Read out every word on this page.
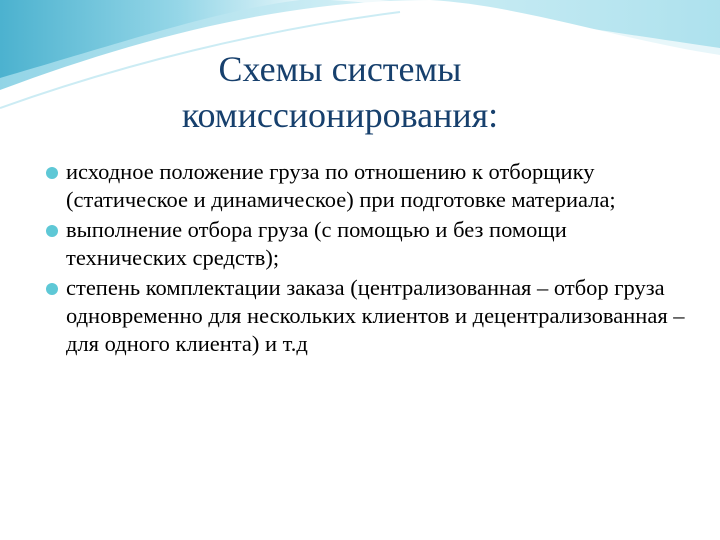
Схемы системы
комиссионирования:
исходное положение груза по отношению к отборщику (статическое и динамическое) при подготовке материала;
выполнение отбора груза (с помощью и без помощи технических средств);
степень комплектации заказа (централизованная – отбор груза одновременно для нескольких клиентов и децентрализованная – для одного клиента) и т.д
